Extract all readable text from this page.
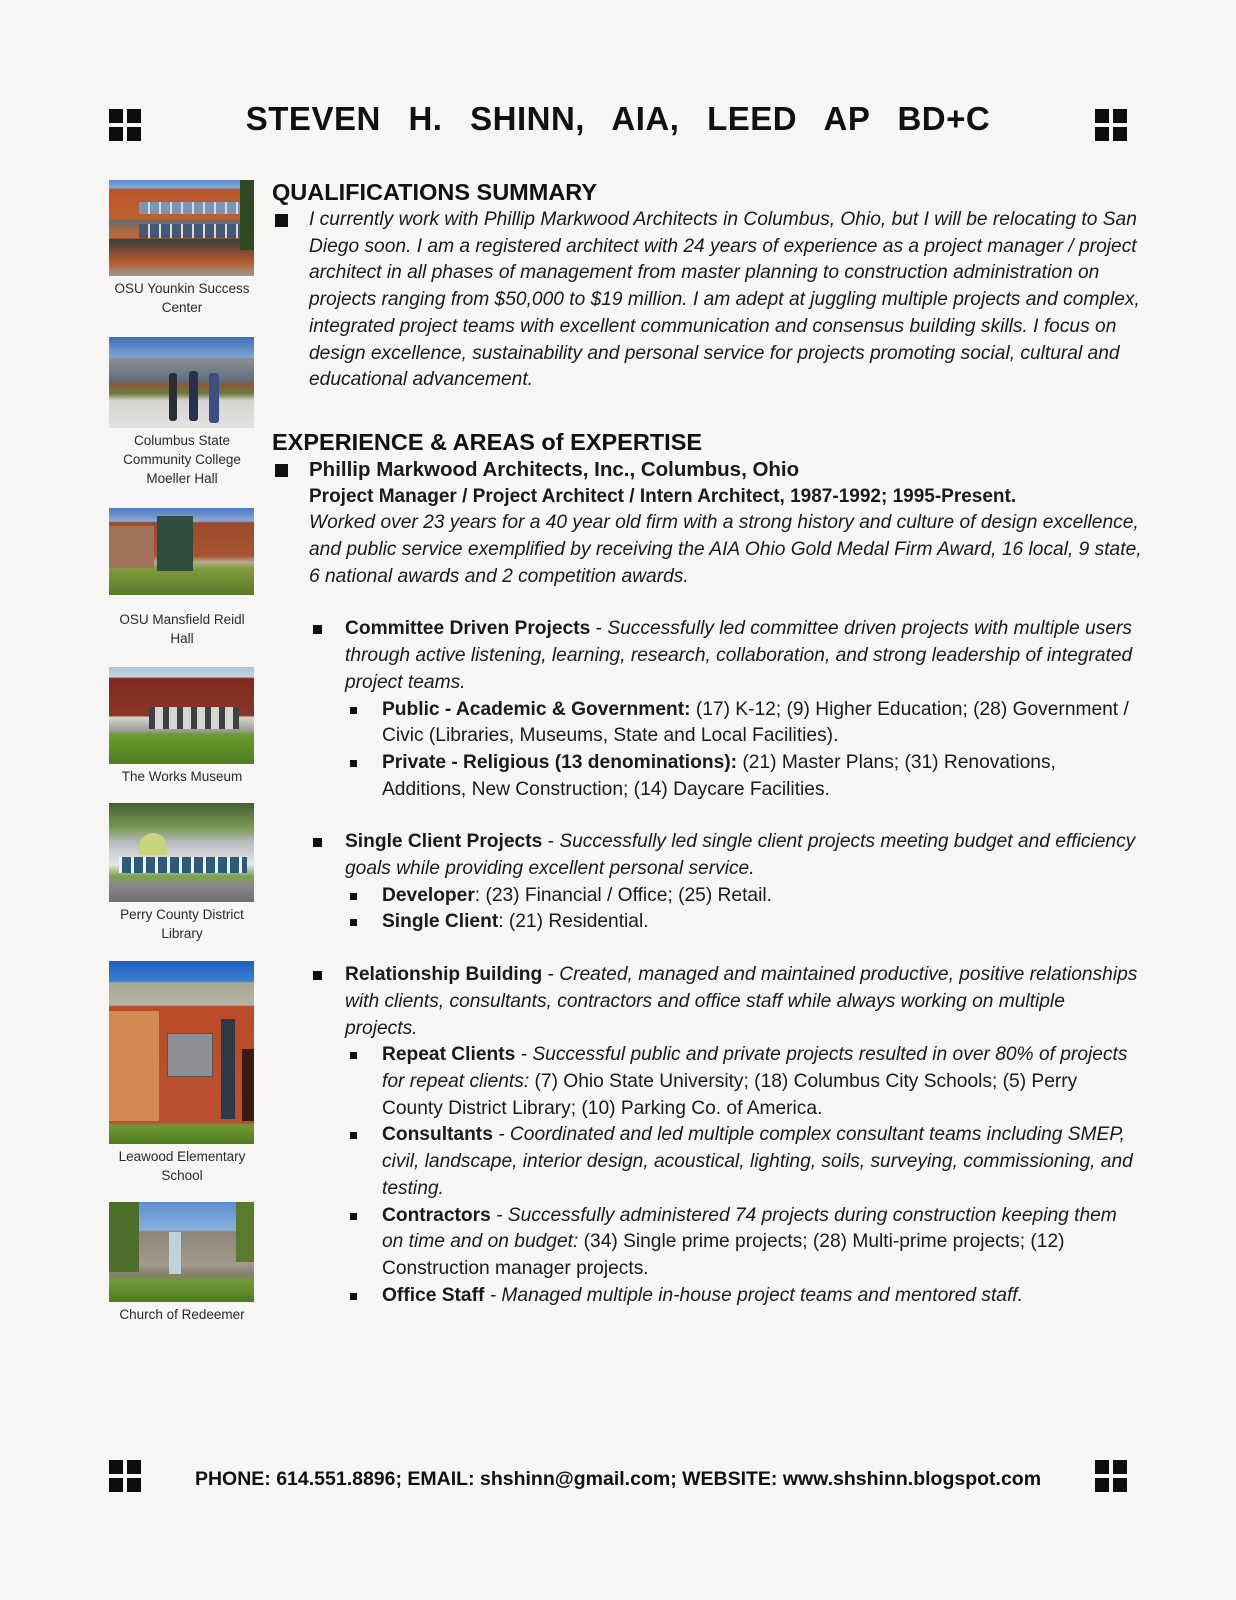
STEVEN H. SHINN, AIA, LEED AP BD+C
OSU Younkin Success Center
Columbus State Community College Moeller Hall
OSU Mansfield Reidl Hall
The Works Museum
Perry County District Library
Leawood Elementary School
Church of Redeemer
QUALIFICATIONS SUMMARY
I currently work with Phillip Markwood Architects in Columbus, Ohio, but I will be relocating to San Diego soon. I am a registered architect with 24 years of experience as a project manager / project architect in all phases of management from master planning to construction administration on projects ranging from $50,000 to $19 million. I am adept at juggling multiple projects and complex, integrated project teams with excellent communication and consensus building skills. I focus on design excellence, sustainability and personal service for projects promoting social, cultural and educational advancement.
EXPERIENCE & AREAS of EXPERTISE
Phillip Markwood Architects, Inc., Columbus, Ohio
Project Manager / Project Architect / Intern Architect, 1987-1992; 1995-Present.
Worked over 23 years for a 40 year old firm with a strong history and culture of design excellence, and public service exemplified by receiving the AIA Ohio Gold Medal Firm Award, 16 local, 9 state, 6 national awards and 2 competition awards.
Committee Driven Projects - Successfully led committee driven projects with multiple users through active listening, learning, research, collaboration, and strong leadership of integrated project teams.
Public - Academic & Government: (17) K-12; (9) Higher Education; (28) Government / Civic (Libraries, Museums, State and Local Facilities).
Private - Religious (13 denominations): (21) Master Plans; (31) Renovations, Additions, New Construction; (14) Daycare Facilities.
Single Client Projects - Successfully led single client projects meeting budget and efficiency goals while providing excellent personal service.
Developer: (23) Financial / Office; (25) Retail.
Single Client: (21) Residential.
Relationship Building - Created, managed and maintained productive, positive relationships with clients, consultants, contractors and office staff while always working on multiple projects.
Repeat Clients - Successful public and private projects resulted in over 80% of projects for repeat clients: (7) Ohio State University; (18) Columbus City Schools; (5) Perry County District Library; (10) Parking Co. of America.
Consultants - Coordinated and led multiple complex consultant teams including SMEP, civil, landscape, interior design, acoustical, lighting, soils, surveying, commissioning, and testing.
Contractors - Successfully administered 74 projects during construction keeping them on time and on budget: (34) Single prime projects; (28) Multi-prime projects; (12) Construction manager projects.
Office Staff - Managed multiple in-house project teams and mentored staff.
PHONE: 614.551.8896; EMAIL: shshinn@gmail.com; WEBSITE: www.shshinn.blogspot.com
